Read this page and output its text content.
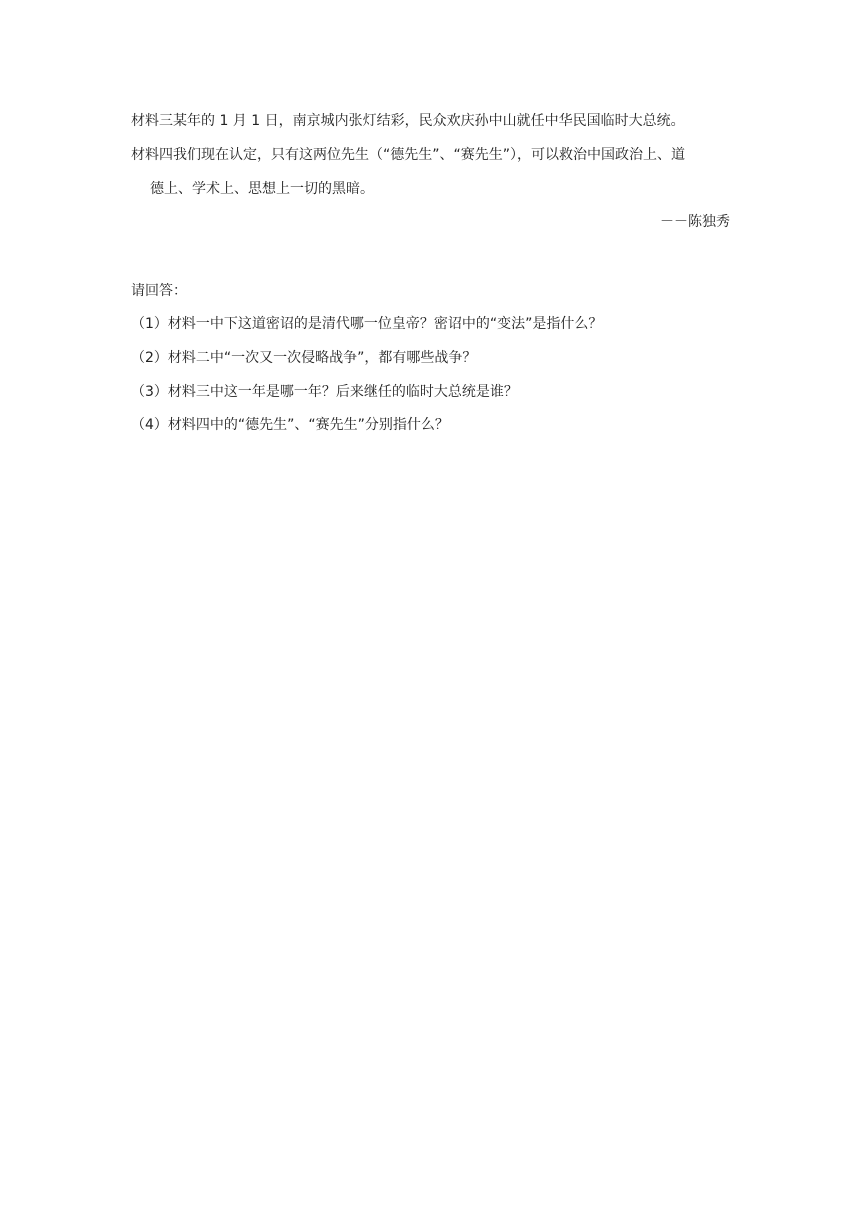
材料三某年的 1 月 1 日，南京城内张灯结彩，民众欢庆孙中山就任中华民国临时大总统。
材料四我们现在认定，只有这两位先生（“德先生”、“赛先生”），可以救治中国政治上、道
德上、学术上、思想上一切的黑暗。
－－陈独秀
请回答：
（1）材料一中下这道密诏的是清代哪一位皇帝？密诏中的“变法”是指什么？
（2）材料二中“一次又一次侵略战争”，都有哪些战争？
（3）材料三中这一年是哪一年？后来继任的临时大总统是谁？
（4）材料四中的“德先生”、“赛先生”分别指什么？
